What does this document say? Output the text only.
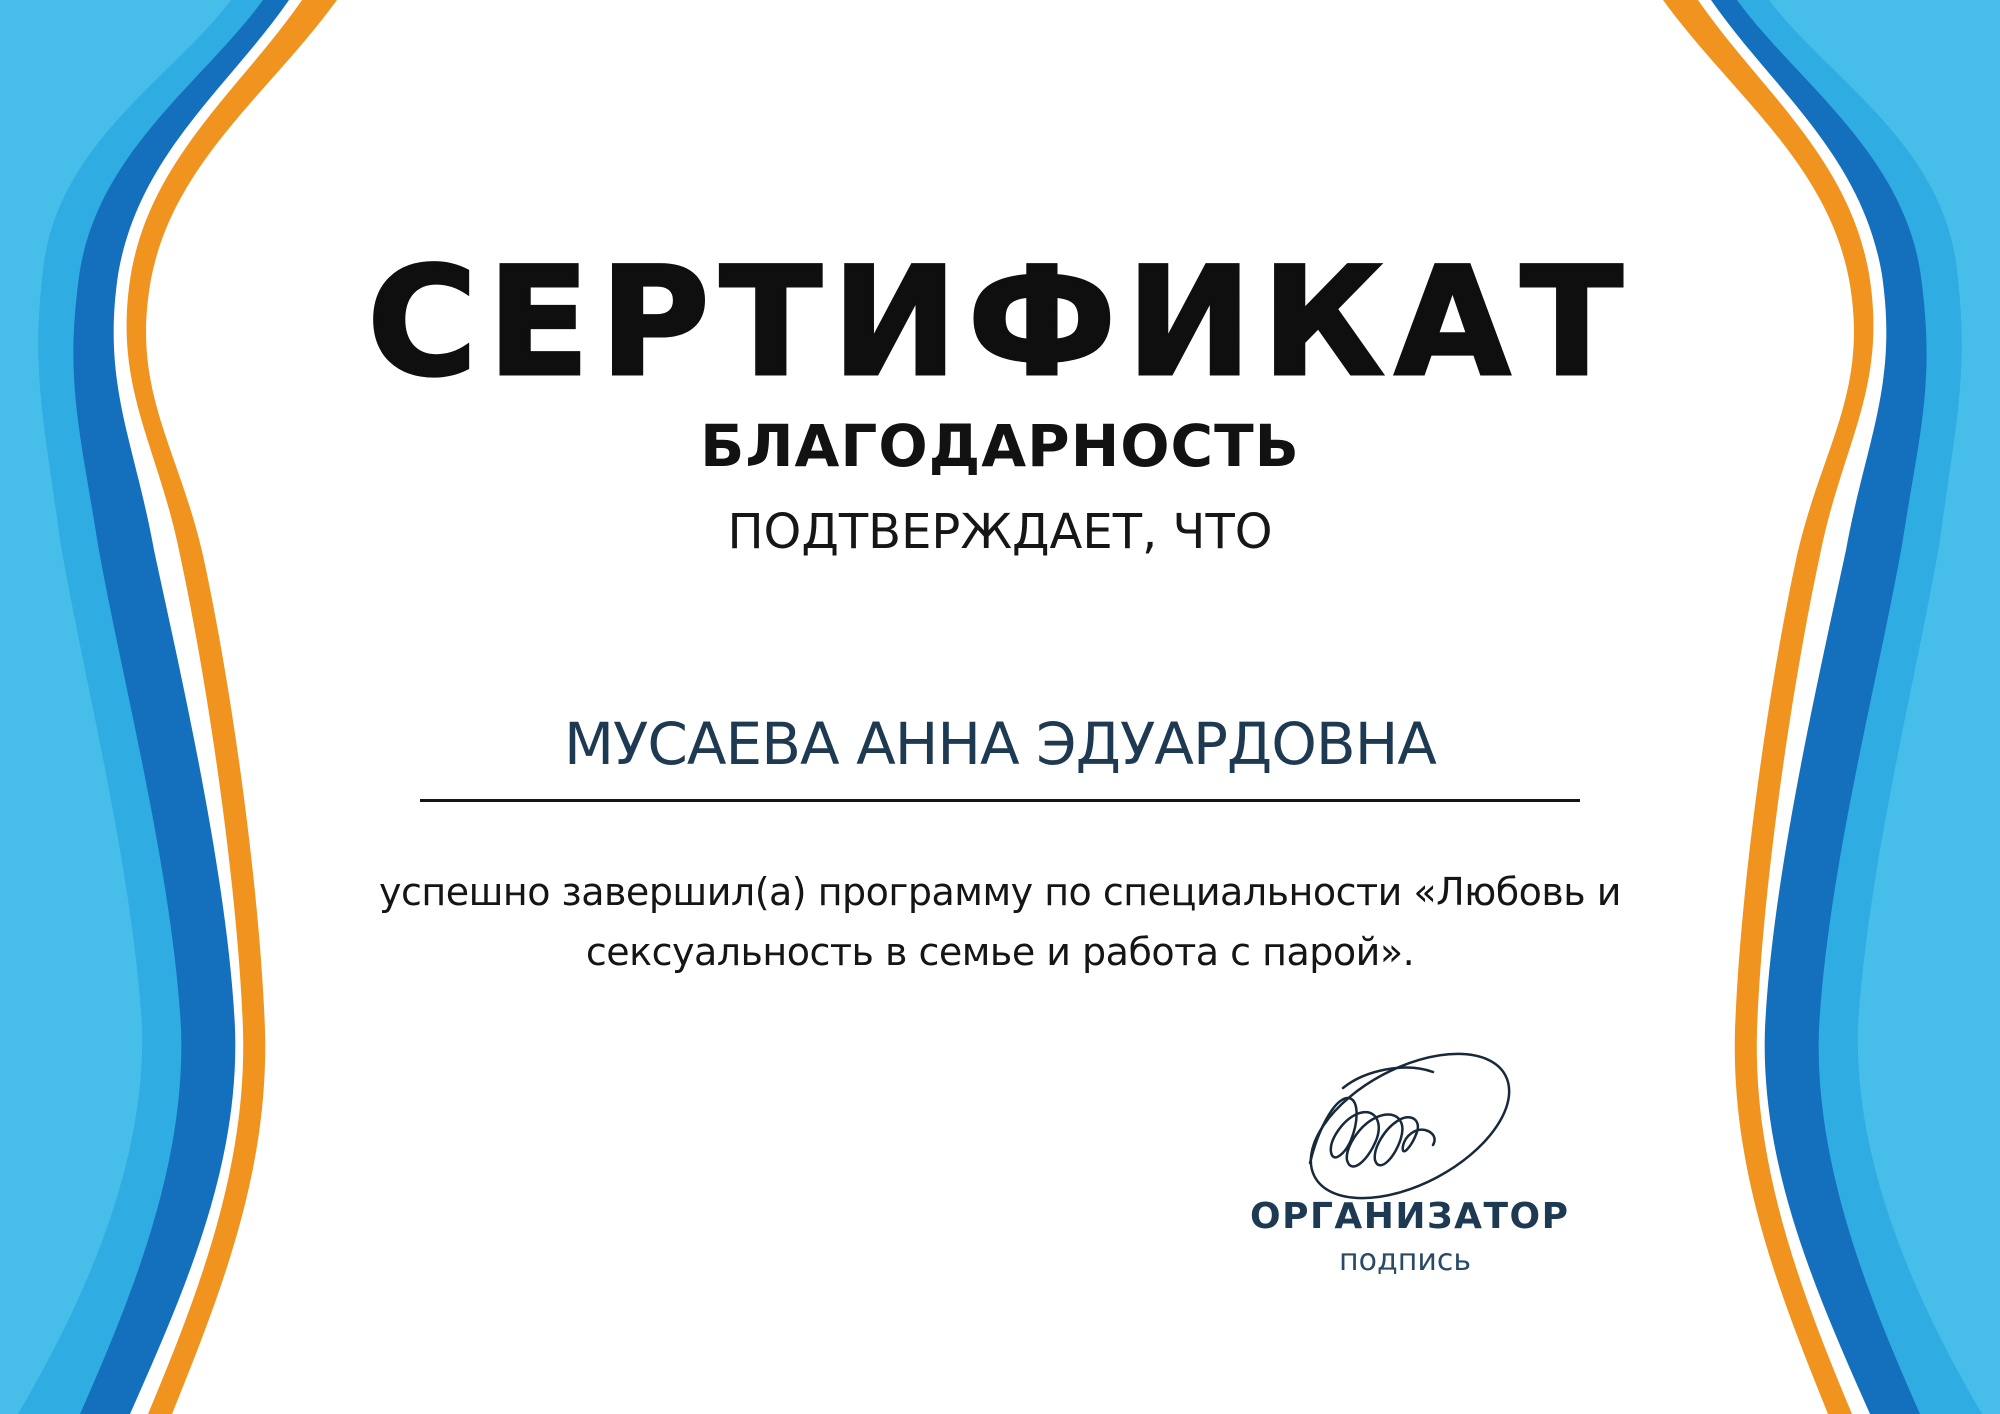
СЕРТИФИКАТ
БЛАГОДАРНОСТЬ
ПОДТВЕРЖДАЕТ, ЧТО
МУСАЕВА АННА ЭДУАРДОВНА
успешно завершил(а) программу по специальности «Любовь и
сексуальность в семье и работа с парой».
ОРГАНИЗАТОР
подпись
